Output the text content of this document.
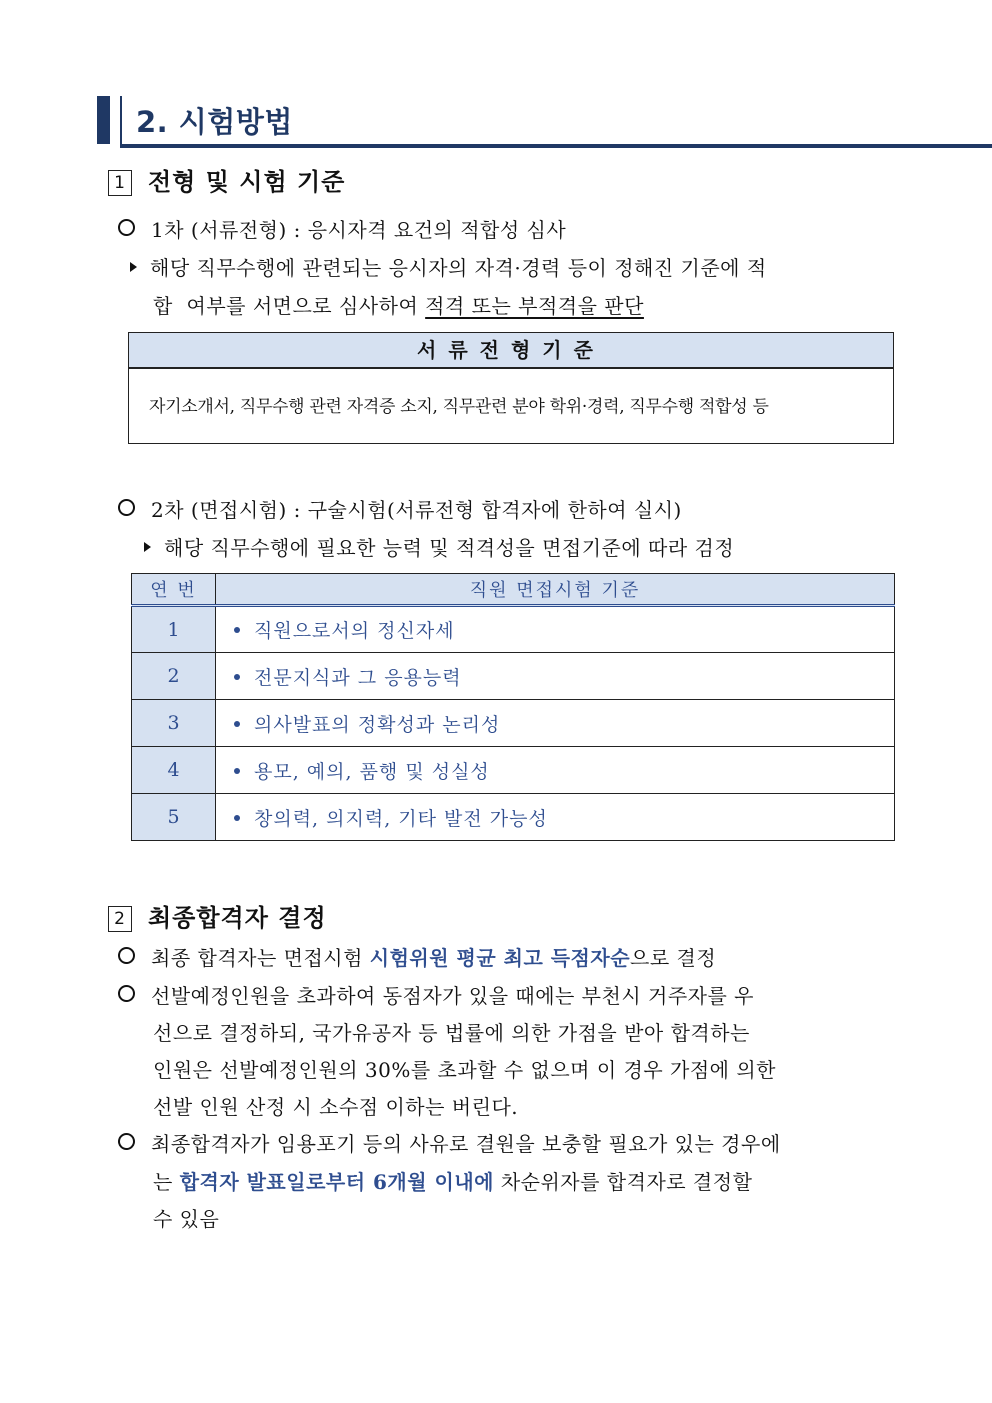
2. 시험방법
1 전형 및 시험 기준
1차 (서류전형) : 응시자격 요건의 적합성 심사
해당 직무수행에 관련되는 응시자의 자격·경력 등이 정해진 기준에 적
합  여부를 서면으로 심사하여 적격 또는 부적격을 판단
서류전형기준
자기소개서, 직무수행 관련 자격증 소지, 직무관련 분야 학위·경력, 직무수행 적합성 등
2차 (면접시험) : 구술시험(서류전형 합격자에 한하여 실시)
해당 직무수행에 필요한 능력 및 적격성을 면접기준에 따라 검정
연 번	직원 면접시험 기준
1	직원으로서의 정신자세
2	전문지식과 그 응용능력
3	의사발표의 정확성과 논리성
4	용모, 예의, 품행 및 성실성
5	창의력, 의지력, 기타 발전 가능성
2 최종합격자 결정
최종 합격자는 면접시험 시험위원 평균 최고 득점자순으로 결정
선발예정인원을 초과하여 동점자가 있을 때에는 부천시 거주자를 우
선으로 결정하되, 국가유공자 등 법률에 의한 가점을 받아 합격하는
인원은 선발예정인원의 30%를 초과할 수 없으며 이 경우 가점에 의한
선발 인원 산정 시 소수점 이하는 버린다.
최종합격자가 임용포기 등의 사유로 결원을 보충할 필요가 있는 경우에
는 합격자 발표일로부터 6개월 이내에 차순위자를 합격자로 결정할
수 있음
